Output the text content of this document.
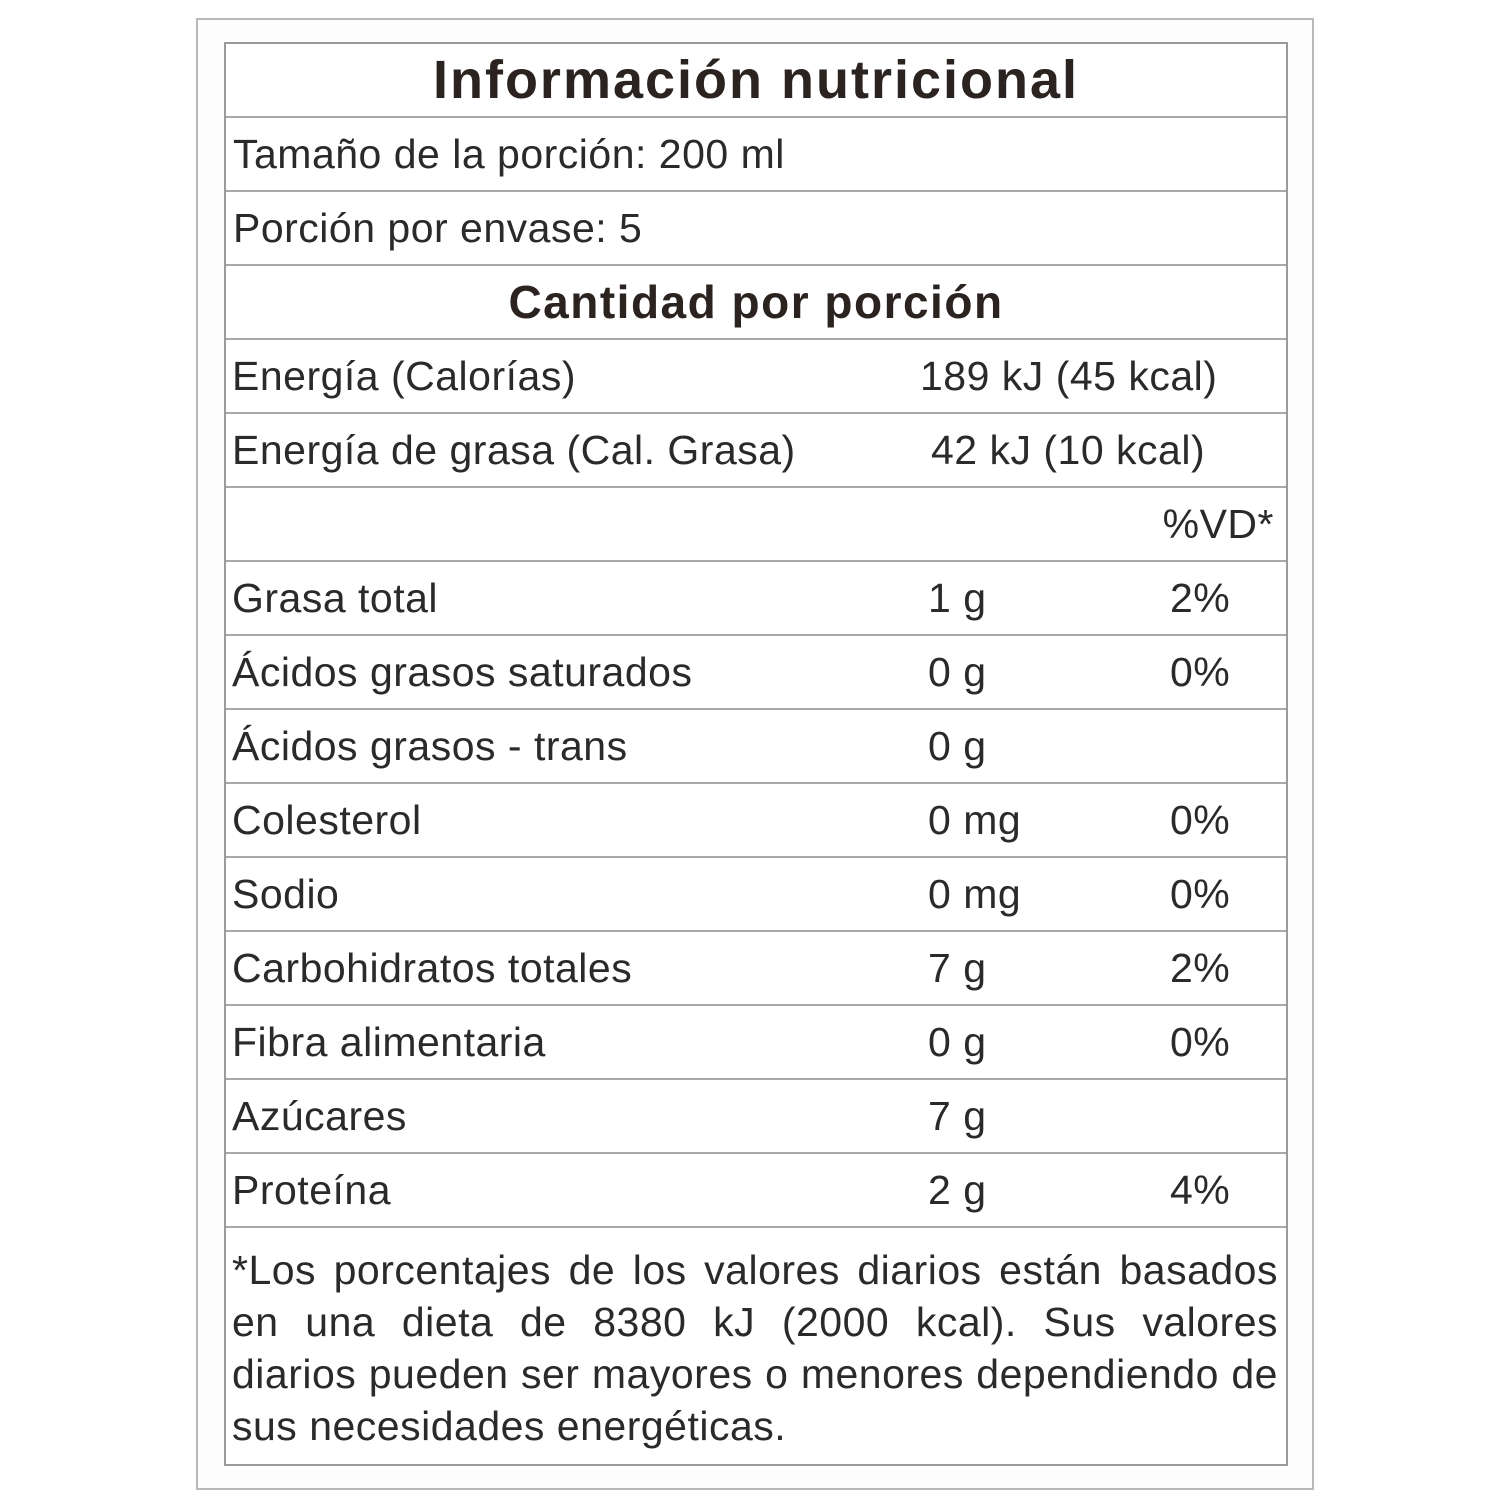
Información nutricional
Tamaño de la porción: 200 ml
Porción por envase: 5
Cantidad por porción
Energía (Calorías)	189 kJ (45 kcal)
Energía de grasa (Cal. Grasa)	42 kJ (10 kcal)
%VD*
Grasa total	1 g	2%
Ácidos grasos saturados	0 g	0%
Ácidos grasos - trans	0 g
Colesterol	0 mg	0%
Sodio	0 mg	0%
Carbohidratos totales	7 g	2%
Fibra alimentaria	0 g	0%
Azúcares	7 g
Proteína	2 g	4%
*Los porcentajes de los valores diarios están basados en una dieta de 8380 kJ (2000 kcal). Sus valores diarios pueden ser mayores o menores dependiendo de sus necesidades energéticas.
